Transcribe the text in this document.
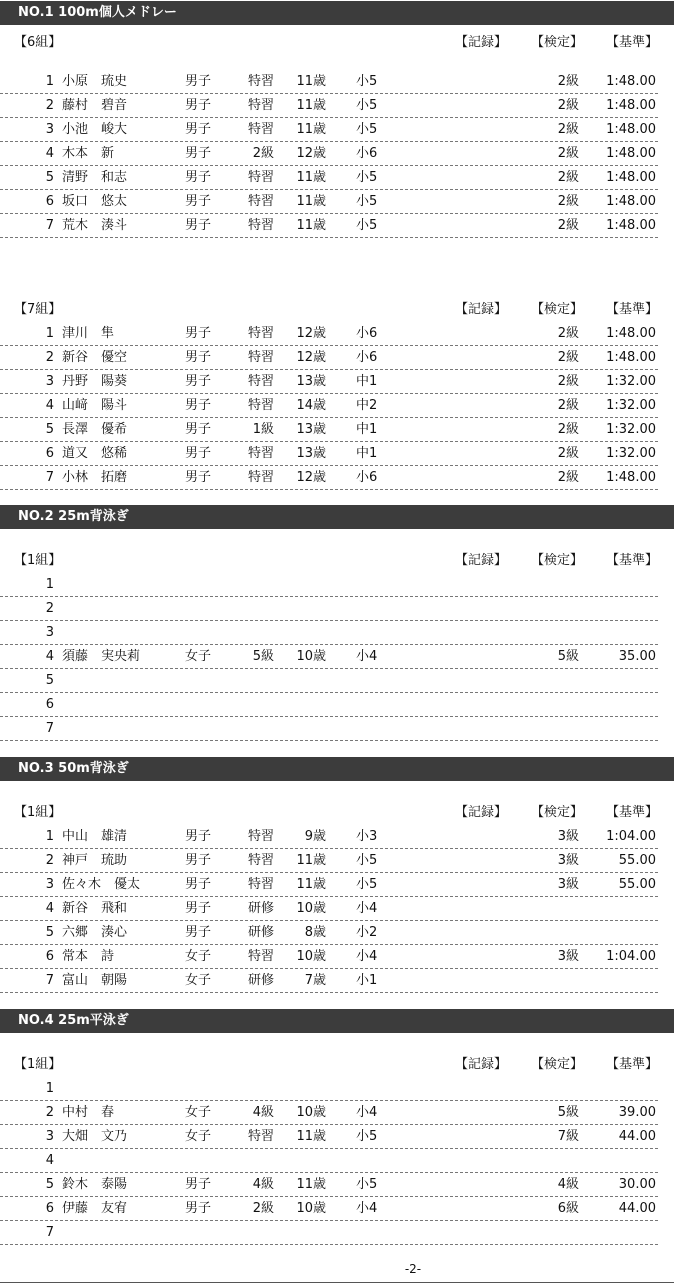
NO.1 100m個人メドレー
【6組】	【記録】 【検定】 【基準】
1 小原　琉史	男子	特習 11歳 小5	2級 1:48.00
2 藤村　碧音	男子	特習 11歳 小5	2級 1:48.00
3 小池　峻大	男子	特習 11歳 小5	2級 1:48.00
4 木本　新	男子	2級 12歳 小6	2級 1:48.00
5 清野　和志	男子	特習 11歳 小5	2級 1:48.00
6 坂口　悠太	男子	特習 11歳 小5	2級 1:48.00
7 荒木　湊斗	男子	特習 11歳 小5	2級 1:48.00
【7組】	【記録】 【検定】 【基準】
1 津川　隼	男子	特習 12歳 小6	2級 1:48.00
2 新谷　優空	男子	特習 12歳 小6	2級 1:48.00
3 丹野　陽葵	男子	特習 13歳 中1	2級 1:32.00
4 山﨑　陽斗	男子	特習 14歳 中2	2級 1:32.00
5 長澤　優希	男子	1級 13歳 中1	2級 1:32.00
6 道又　悠稀	男子	特習 13歳 中1	2級 1:32.00
7 小林　拓磨	男子	特習 12歳 小6	2級 1:48.00
NO.2 25m背泳ぎ
【1組】	【記録】 【検定】 【基準】
1
2
3
4 須藤　実央莉	女子	5級 10歳 小4	5級	35.00
5
6
7
NO.3 50m背泳ぎ
【1組】	【記録】 【検定】 【基準】
1 中山　雄清	男子	特習 9歳 小3	3級 1:04.00
2 神戸　琉助	男子	特習 11歳 小5	3級	55.00
3 佐々木　優太	男子	特習 11歳 小5	3級	55.00
4 新谷　飛和	男子	研修 10歳 小4
5 六郷　湊心	男子	研修 8歳 小2
6 常本　詩	女子	特習 10歳 小4	3級 1:04.00
7 富山　朝陽	女子	研修 7歳 小1
NO.4 25m平泳ぎ
【1組】	【記録】 【検定】 【基準】
1
2 中村　春	女子	4級 10歳 小4	5級	39.00
3 大畑　文乃	女子	特習 11歳 小5	7級	44.00
4
5 鈴木　泰陽	男子	4級 11歳 小5	4級	30.00
6 伊藤　友宥	男子	2級 10歳 小4	6級	44.00
7
-2-
